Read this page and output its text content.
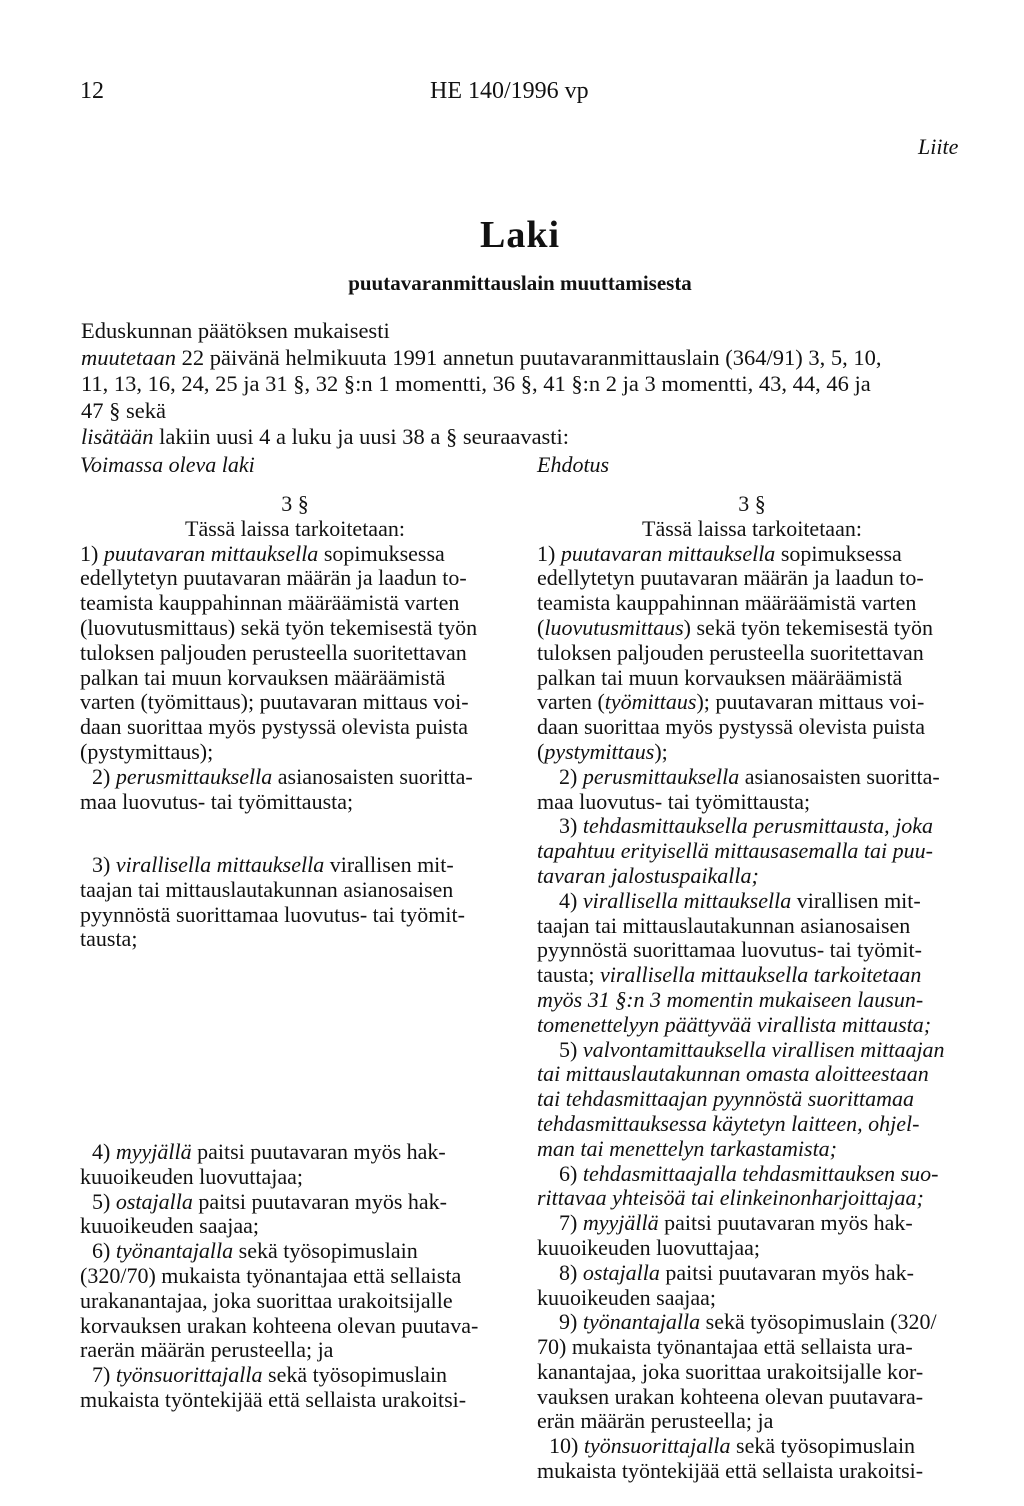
12	HE 140/1996 vp
Liite
Laki
puutavaranmittauslain muuttamisesta
Eduskunnan päätöksen mukaisesti
muutetaan 22 päivänä helmikuuta 1991 annetun puutavaranmittauslain (364/91) 3, 5, 10,
11, 13, 16, 24, 25 ja 31 §, 32 §:n 1 momentti, 36 §, 41 §:n 2 ja 3 momentti, 43, 44, 46 ja
47 § sekä
lisätään lakiin uusi 4 a luku ja uusi 38 a § seuraavasti:
Voimassa oleva laki	Ehdotus
3 §
Tässä laissa tarkoitetaan:
1) puutavaran mittauksella sopimuksessa
edellytetyn puutavaran määrän ja laadun to-
teamista kauppahinnan määräämistä varten
(luovutusmittaus) sekä työn tekemisestä työn
tuloksen paljouden perusteella suoritettavan
palkan tai muun korvauksen määräämistä
varten (työmittaus); puutavaran mittaus voi-
daan suorittaa myös pystyssä olevista puista
(pystymittaus);
2) perusmittauksella asianosaisten suoritta-
maa luovutus- tai työmittausta;
3) virallisella mittauksella virallisen mit-
taajan tai mittauslautakunnan asianosaisen
pyynnöstä suorittamaa luovutus- tai työmit-
tausta;
4) myyjällä paitsi puutavaran myös hak-
kuuoikeuden luovuttajaa;
5) ostajalla paitsi puutavaran myös hak-
kuuoikeuden saajaa;
6) työnantajalla sekä työsopimuslain
(320/70) mukaista työnantajaa että sellaista
urakanantajaa, joka suorittaa urakoitsijalle
korvauksen urakan kohteena olevan puutava-
raerän määrän perusteella; ja
7) työnsuorittajalla sekä työsopimuslain
mukaista työntekijää että sellaista urakoitsi-
3 §
Tässä laissa tarkoitetaan:
1) puutavaran mittauksella sopimuksessa
edellytetyn puutavaran määrän ja laadun to-
teamista kauppahinnan määräämistä varten
(luovutusmittaus) sekä työn tekemisestä työn
tuloksen paljouden perusteella suoritettavan
palkan tai muun korvauksen määräämistä
varten (työmittaus); puutavaran mittaus voi-
daan suorittaa myös pystyssä olevista puista
(pystymittaus);
2) perusmittauksella asianosaisten suoritta-
maa luovutus- tai työmittausta;
3) tehdasmittauksella perusmittausta, joka
tapahtuu erityisellä mittausasemalla tai puu-
tavaran jalostuspaikalla;
4) virallisella mittauksella virallisen mit-
taajan tai mittauslautakunnan asianosaisen
pyynnöstä suorittamaa luovutus- tai työmit-
tausta; virallisella mittauksella tarkoitetaan
myös 31 §:n 3 momentin mukaiseen lausun-
tomenettelyyn päättyvää virallista mittausta;
5) valvontamittauksella virallisen mittaajan
tai mittauslautakunnan omasta aloitteestaan
tai tehdasmittaajan pyynnöstä suorittamaa
tehdasmittauksessa käytetyn laitteen, ohjel-
man tai menettelyn tarkastamista;
6) tehdasmittaajalla tehdasmittauksen suo-
rittavaa yhteisöä tai elinkeinonharjoittajaa;
7) myyjällä paitsi puutavaran myös hak-
kuuoikeuden luovuttajaa;
8) ostajalla paitsi puutavaran myös hak-
kuuoikeuden saajaa;
9) työnantajalla sekä työsopimuslain (320/
70) mukaista työnantajaa että sellaista ura-
kanantajaa, joka suorittaa urakoitsijalle kor-
vauksen urakan kohteena olevan puutavara-
erän määrän perusteella; ja
10) työnsuorittajalla sekä työsopimuslain
mukaista työntekijää että sellaista urakoitsi-
